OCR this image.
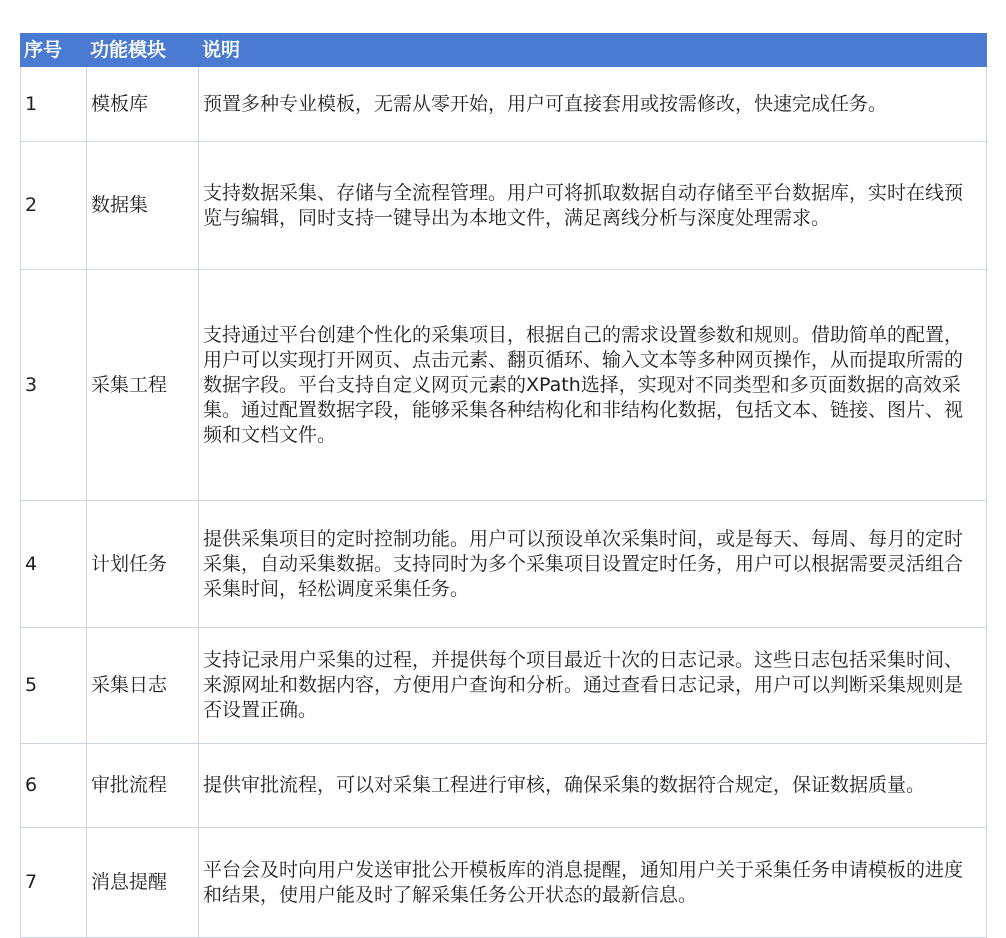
序号	功能模块	说明
1	模板库	预置多种专业模板，无需从零开始，用户可直接套用或按需修改，快速完成任务。
2	数据集	支持数据采集、存储与全流程管理。用户可将抓取数据自动存储至平台数据库，实时在线预览与编辑，同时支持一键导出为本地文件，满足离线分析与深度处理需求。
3	采集工程	支持通过平台创建个性化的采集项目，根据自己的需求设置参数和规则。借助简单的配置，用户可以实现打开网页、点击元素、翻页循环、输入文本等多种网页操作，从而提取所需的数据字段。平台支持自定义网页元素的XPath选择，实现对不同类型和多页面数据的高效采集。通过配置数据字段，能够采集各种结构化和非结构化数据，包括文本、链接、图片、视频和文档文件。
4	计划任务	提供采集项目的定时控制功能。用户可以预设单次采集时间，或是每天、每周、每月的定时采集，自动采集数据。支持同时为多个采集项目设置定时任务，用户可以根据需要灵活组合采集时间，轻松调度采集任务。
5	采集日志	支持记录用户采集的过程，并提供每个项目最近十次的日志记录。这些日志包括采集时间、来源网址和数据内容，方便用户查询和分析。通过查看日志记录，用户可以判断采集规则是否设置正确。
6	审批流程	提供审批流程，可以对采集工程进行审核，确保采集的数据符合规定，保证数据质量。
7	消息提醒	平台会及时向用户发送审批公开模板库的消息提醒，通知用户关于采集任务申请模板的进度和结果，使用户能及时了解采集任务公开状态的最新信息。
